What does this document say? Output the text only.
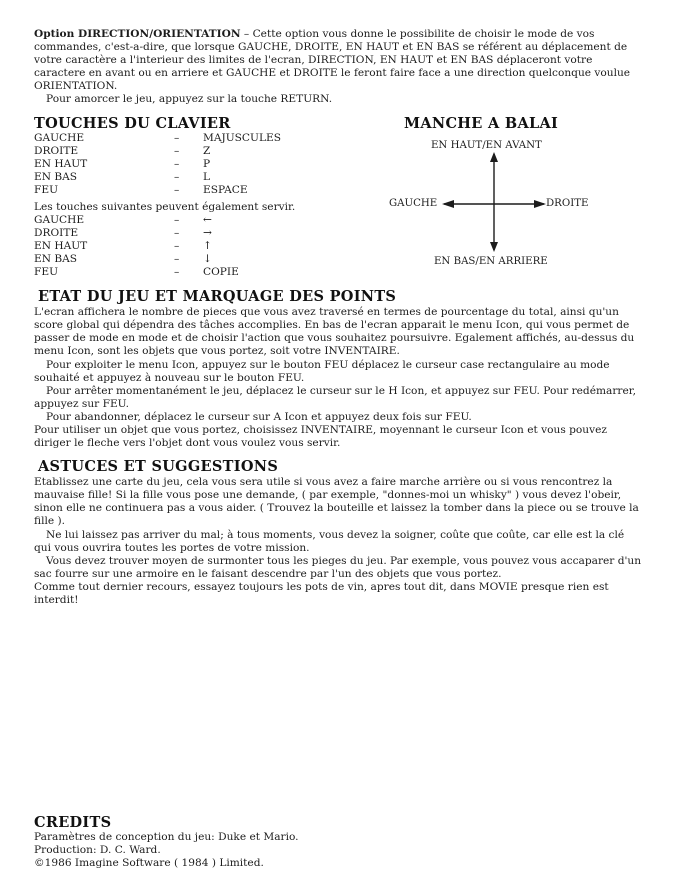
Option DIRECTION/ORIENTATION – Cette option vous donne le possibilite de choisir le mode de vos commandes, c'est-a-dire, que lorsque GAUCHE, DROITE, EN HAUT et EN BAS se référent au déplacement de votre caractère a l'interieur des limites de l'ecran, DIRECTION, EN HAUT et EN BAS déplaceront votre caractere en avant ou en arriere et GAUCHE et DROITE le feront faire face a une direction quelconque voulue ORIENTATION.

Pour amorcer le jeu, appuyez sur la touche RETURN.

TOUCHES DU CLAVIER
GAUCHE	–	MAJUSCULES
DROITE	–	Z
EN HAUT	–	P
EN BAS	–	L
FEU	–	ESPACE

Les touches suivantes peuvent également servir.

GAUCHE	–	←
DROITE	–	→
EN HAUT	–	↑
EN BAS	–	↓
FEU	–	COPIE
MANCHE A BALAI
EN HAUT/EN AVANT
GAUCHE	DROITE
EN BAS/EN ARRIERE
ETAT DU JEU ET MARQUAGE DES POINTS

L'ecran affichera le nombre de pieces que vous avez traversé en termes de pourcentage du total, ainsi qu'un score global qui dépendra des tâches accomplies. En bas de l'ecran apparait le menu Icon, qui vous permet de passer de mode en mode et de choisir l'action que vous souhaitez poursuivre. Egalement affichés, au-dessus du menu Icon, sont les objets que vous portez, soit votre INVENTAIRE.

Pour exploiter le menu Icon, appuyez sur le bouton FEU déplacez le curseur case rectangulaire au mode souhaité et appuyez à nouveau sur le bouton FEU.

Pour arrêter momentanément le jeu, déplacez le curseur sur le H Icon, et appuyez sur FEU. Pour redémarrer, appuyez sur FEU.

Pour abandonner, déplacez le curseur sur A Icon et appuyez deux fois sur FEU.

Pour utiliser un objet que vous portez, choisissez INVENTAIRE, moyennant le curseur Icon et vous pouvez diriger le fleche vers l'objet dont vous voulez vous servir.

ASTUCES ET SUGGESTIONS

Etablissez une carte du jeu, cela vous sera utile si vous avez a faire marche arrière ou si vous rencontrez la mauvaise fille! Si la fille vous pose une demande, ( par exemple, "donnes-moi un whisky" ) vous devez l'obeir, sinon elle ne continuera pas a vous aider. ( Trouvez la bouteille et laissez la tomber dans la piece ou se trouve la fille ).

Ne lui laissez pas arriver du mal; à tous moments, vous devez la soigner, coûte que coûte, car elle est la clé qui vous ouvrira toutes les portes de votre mission.

Vous devez trouver moyen de surmonter tous les pieges du jeu. Par exemple, vous pouvez vous accaparer d'un sac fourre sur une armoire en le faisant descendre par l'un des objets que vous portez.

Comme tout dernier recours, essayez toujours les pots de vin, apres tout dit, dans MOVIE presque rien est interdit!

CREDITS

Paramètres de conception du jeu: Duke et Mario.

Production: D. C. Ward.

©1986 Imagine Software ( 1984 ) Limited.
